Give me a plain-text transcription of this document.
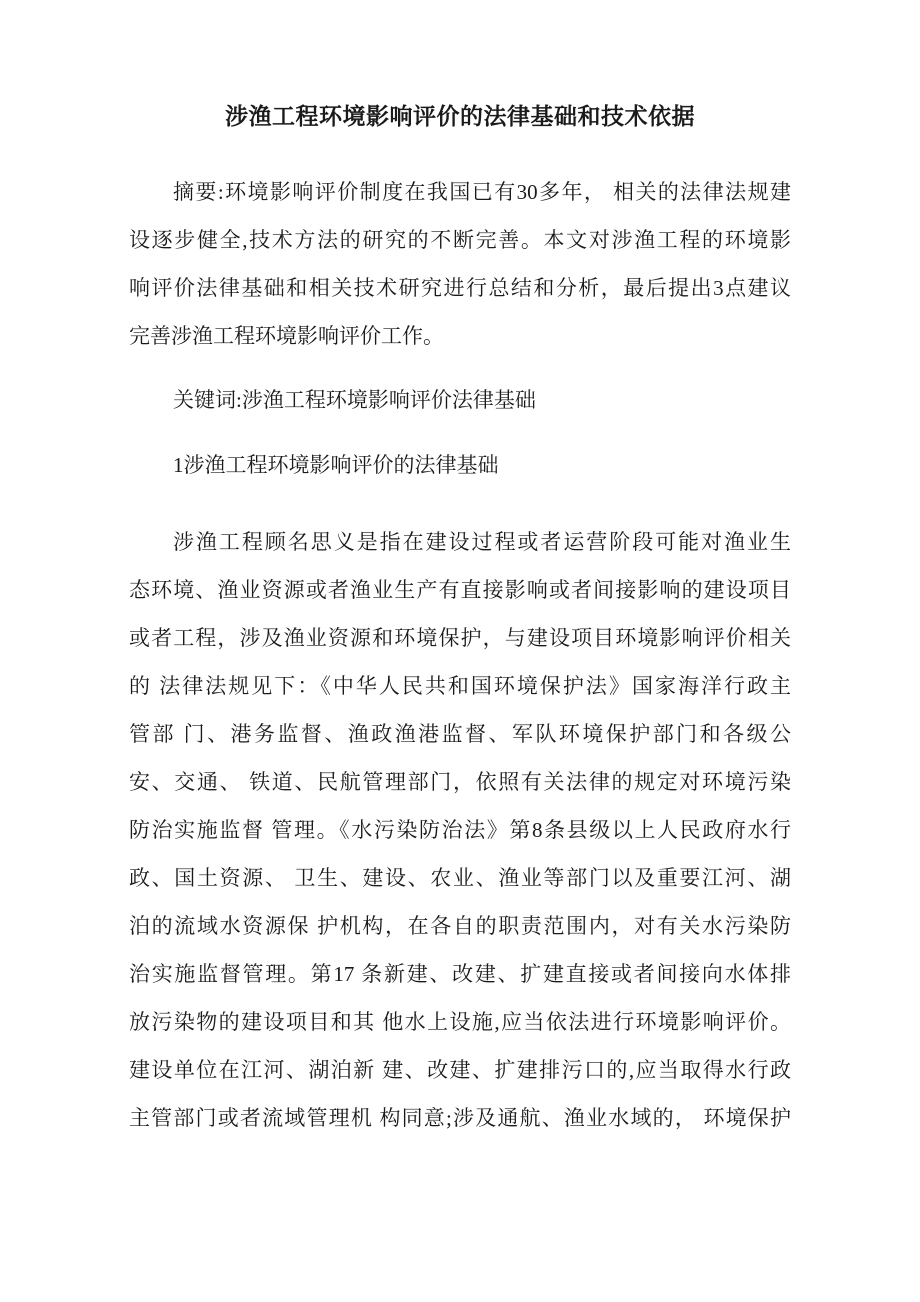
涉渔工程环境影响评价的法律基础和技术依据
摘要:环境影响评价制度在我国已有30多年， 相关的法律法规建
设逐步健全,技术方法的研究的不断完善。本文对涉渔工程的环境影
响评价法律基础和相关技术研究进行总结和分析，最后提出3点建议
完善涉渔工程环境影响评价工作。
关键词:涉渔工程环境影响评价法律基础
1涉渔工程环境影响评价的法律基础
涉渔工程顾名思义是指在建设过程或者运营阶段可能对渔业生
态环境、渔业资源或者渔业生产有直接影响或者间接影响的建设项目
或者工程，涉及渔业资源和环境保护，与建设项目环境影响评价相关
的 法律法规见下：《中华人民共和国环境保护法》国家海洋行政主
管部 门、港务监督、渔政渔港监督、军队环境保护部门和各级公
安、交通、 铁道、民航管理部门，依照有关法律的规定对环境污染
防治实施监督 管理。《水污染防治法》第8条县级以上人民政府水行
政、国土资源、 卫生、建设、农业、渔业等部门以及重要江河、湖
泊的流域水资源保 护机构，在各自的职责范围内，对有关水污染防
治实施监督管理。第17 条新建、改建、扩建直接或者间接向水体排
放污染物的建设项目和其 他水上设施,应当依法进行环境影响评价。
建设单位在江河、湖泊新 建、改建、扩建排污口的,应当取得水行政
主管部门或者流域管理机 构同意;涉及通航、渔业水域的， 环境保护
